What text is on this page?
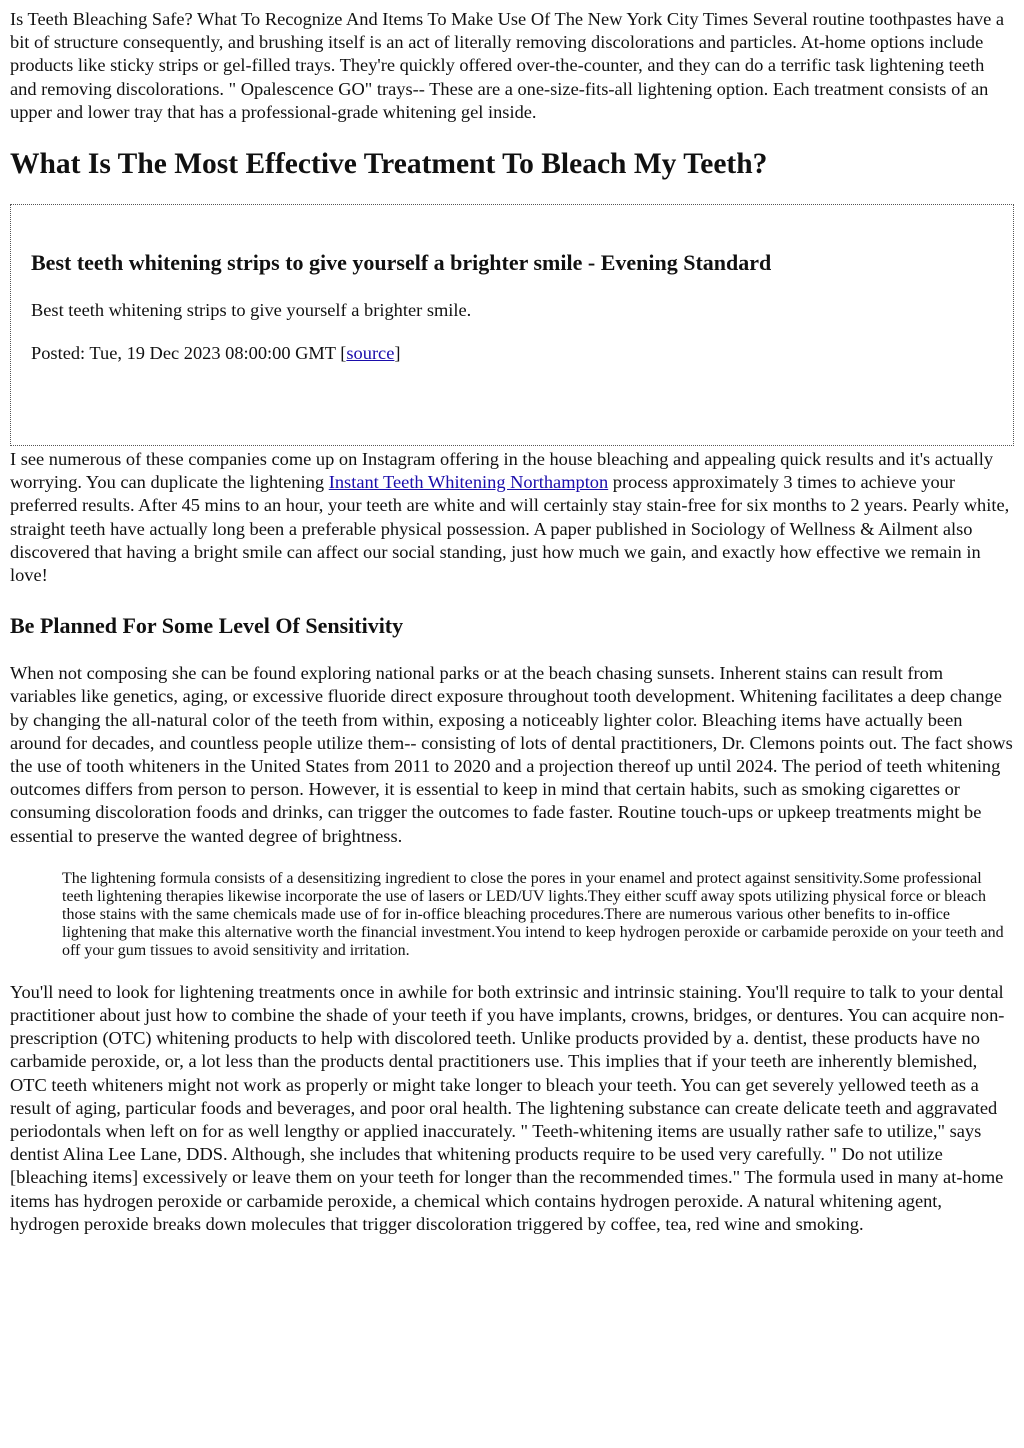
Is Teeth Bleaching Safe? What To Recognize And Items To Make Use Of The New York City Times Several routine toothpastes have a bit of structure consequently, and brushing itself is an act of literally removing discolorations and particles. At-home options include products like sticky strips or gel-filled trays. They're quickly offered over-the-counter, and they can do a terrific task lightening teeth and removing discolorations. " Opalescence GO" trays-- These are a one-size-fits-all lightening option. Each treatment consists of an upper and lower tray that has a professional-grade whitening gel inside.

What Is The Most Effective Treatment To Bleach My Teeth?
Best teeth whitening strips to give yourself a brighter smile - Evening Standard

Best teeth whitening strips to give yourself a brighter smile.

Posted: Tue, 19 Dec 2023 08:00:00 GMT [source]

I see numerous of these companies come up on Instagram offering in the house bleaching and appealing quick results and it's actually worrying. You can duplicate the lightening Instant Teeth Whitening Northampton process approximately 3 times to achieve your preferred results. After 45 mins to an hour, your teeth are white and will certainly stay stain-free for six months to 2 years. Pearly white, straight teeth have actually long been a preferable physical possession. A paper published in Sociology of Wellness & Ailment also discovered that having a bright smile can affect our social standing, just how much we gain, and exactly how effective we remain in love!

Be Planned For Some Level Of Sensitivity

When not composing she can be found exploring national parks or at the beach chasing sunsets. Inherent stains can result from variables like genetics, aging, or excessive fluoride direct exposure throughout tooth development. Whitening facilitates a deep change by changing the all-natural color of the teeth from within, exposing a noticeably lighter color. Bleaching items have actually been around for decades, and countless people utilize them-- consisting of lots of dental practitioners, Dr. Clemons points out. The fact shows the use of tooth whiteners in the United States from 2011 to 2020 and a projection thereof up until 2024. The period of teeth whitening outcomes differs from person to person. However, it is essential to keep in mind that certain habits, such as smoking cigarettes or consuming discoloration foods and drinks, can trigger the outcomes to fade faster. Routine touch-ups or upkeep treatments might be essential to preserve the wanted degree of brightness.

The lightening formula consists of a desensitizing ingredient to close the pores in your enamel and protect against sensitivity.Some professional teeth lightening therapies likewise incorporate the use of lasers or LED/UV lights.They either scuff away spots utilizing physical force or bleach those stains with the same chemicals made use of for in-office bleaching procedures.There are numerous various other benefits to in-office lightening that make this alternative worth the financial investment.You intend to keep hydrogen peroxide or carbamide peroxide on your teeth and off your gum tissues to avoid sensitivity and irritation.

You'll need to look for lightening treatments once in awhile for both extrinsic and intrinsic staining. You'll require to talk to your dental practitioner about just how to combine the shade of your teeth if you have implants, crowns, bridges, or dentures. You can acquire non-prescription (OTC) whitening products to help with discolored teeth. Unlike products provided by a. dentist, these products have no carbamide peroxide, or, a lot less than the products dental practitioners use. This implies that if your teeth are inherently blemished, OTC teeth whiteners might not work as properly or might take longer to bleach your teeth. You can get severely yellowed teeth as a result of aging, particular foods and beverages, and poor oral health. The lightening substance can create delicate teeth and aggravated periodontals when left on for as well lengthy or applied inaccurately. " Teeth-whitening items are usually rather safe to utilize," says dentist Alina Lee Lane, DDS. Although, she includes that whitening products require to be used very carefully. " Do not utilize [bleaching items] excessively or leave them on your teeth for longer than the recommended times." The formula used in many at-home items has hydrogen peroxide or carbamide peroxide, a chemical which contains hydrogen peroxide. A natural whitening agent, hydrogen peroxide breaks down molecules that trigger discoloration triggered by coffee, tea, red wine and smoking.
